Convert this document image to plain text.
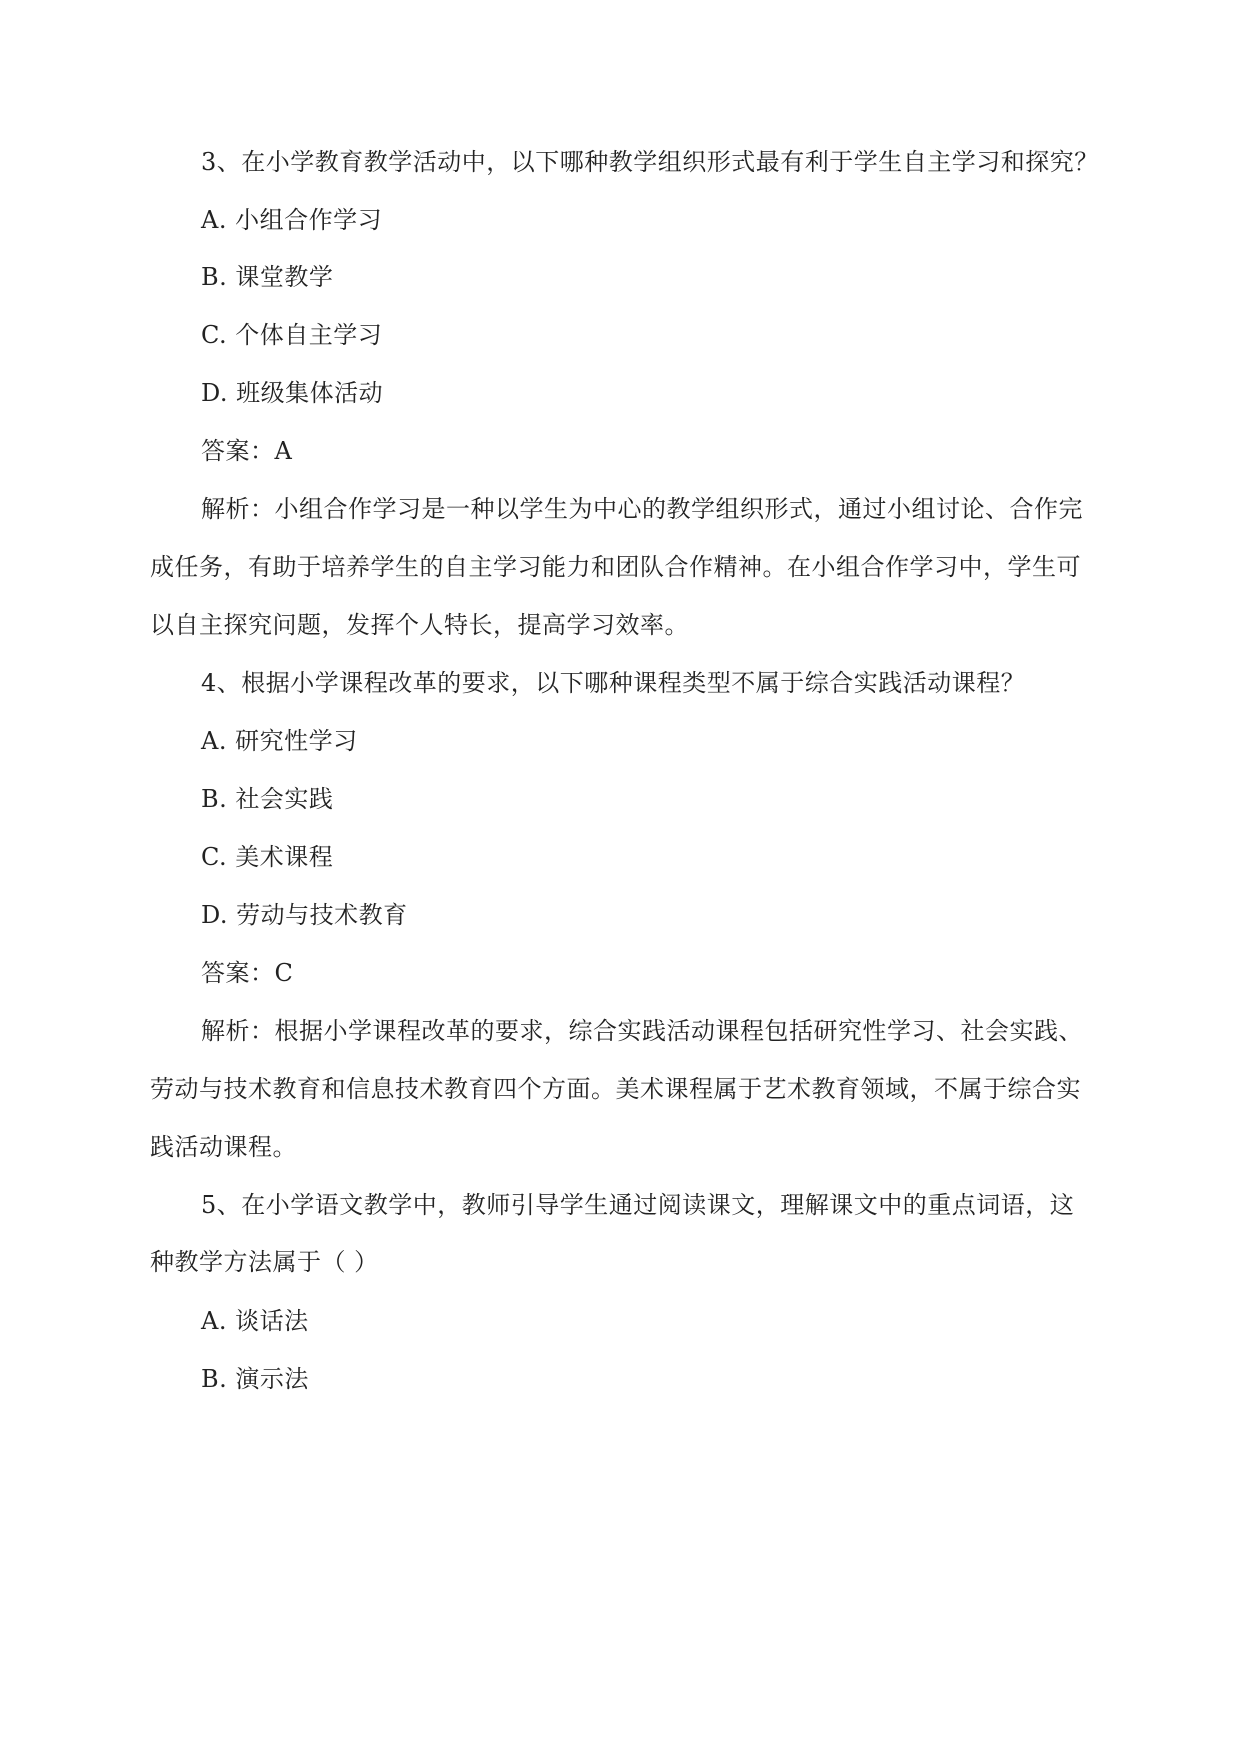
3、在小学教育教学活动中，以下哪种教学组织形式最有利于学生自主学习和探究？
A. 小组合作学习
B. 课堂教学
C. 个体自主学习
D. 班级集体活动
答案：A
解析：小组合作学习是一种以学生为中心的教学组织形式，通过小组讨论、合作完
成任务，有助于培养学生的自主学习能力和团队合作精神。在小组合作学习中，学生可
以自主探究问题，发挥个人特长，提高学习效率。
4、根据小学课程改革的要求，以下哪种课程类型不属于综合实践活动课程？
A. 研究性学习
B. 社会实践
C. 美术课程
D. 劳动与技术教育
答案：C
解析：根据小学课程改革的要求，综合实践活动课程包括研究性学习、社会实践、
劳动与技术教育和信息技术教育四个方面。美术课程属于艺术教育领域，不属于综合实
践活动课程。
5、在小学语文教学中，教师引导学生通过阅读课文，理解课文中的重点词语，这
种教学方法属于（ ）
A. 谈话法
B. 演示法
